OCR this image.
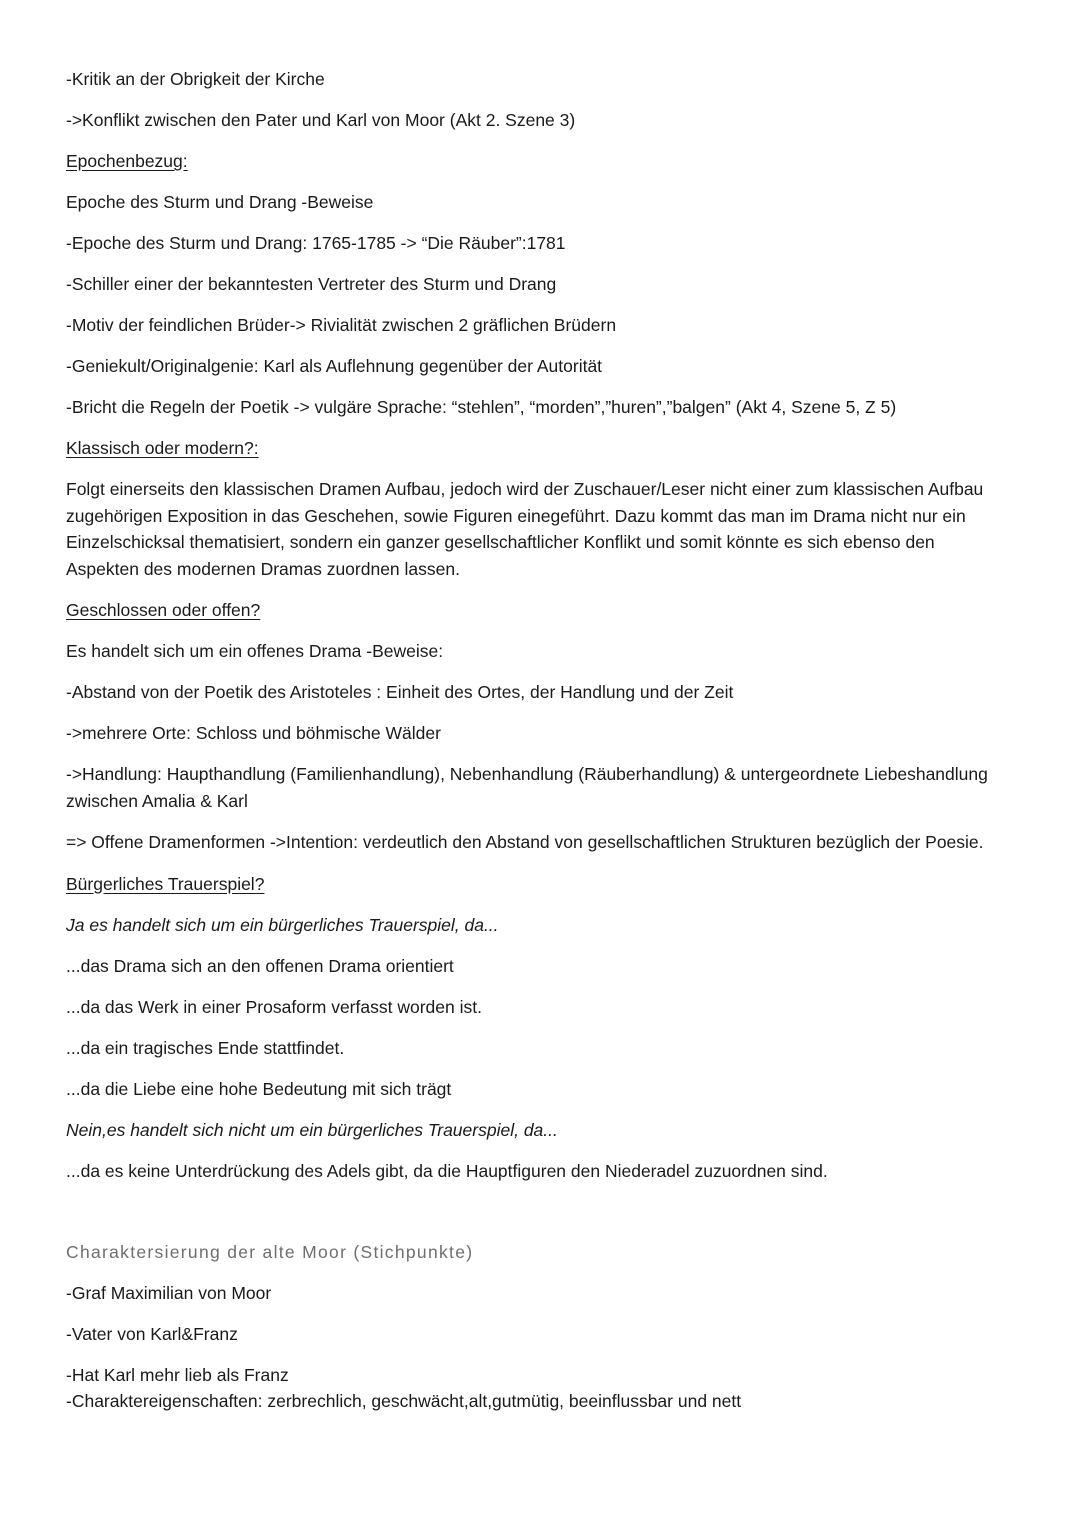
-Kritik an der Obrigkeit der Kirche

->Konflikt zwischen den Pater und Karl von Moor (Akt 2. Szene 3)

Epochenbezug:

Epoche des Sturm und Drang -Beweise

-Epoche des Sturm und Drang: 1765-1785 -> “Die Räuber”:1781

-Schiller einer der bekanntesten Vertreter des Sturm und Drang

-Motiv der feindlichen Brüder-> Rivialität zwischen 2 gräflichen Brüdern

-Geniekult/Originalgenie: Karl als Auflehnung gegenüber der Autorität

-Bricht die Regeln der Poetik -> vulgäre Sprache: “stehlen”, “morden”,”huren”,”balgen” (Akt 4, Szene 5, Z 5)

Klassisch oder modern?:

Folgt einerseits den klassischen Dramen Aufbau, jedoch wird der Zuschauer/Leser nicht einer zum klassischen Aufbau zugehörigen Exposition in das Geschehen, sowie Figuren einegeführt. Dazu kommt das man im Drama nicht nur ein Einzelschicksal thematisiert, sondern ein ganzer gesellschaftlicher Konflikt und somit könnte es sich ebenso den Aspekten des modernen Dramas zuordnen lassen.

Geschlossen oder offen?

Es handelt sich um ein offenes Drama -Beweise:

-Abstand von der Poetik des Aristoteles : Einheit des Ortes, der Handlung und der Zeit

->mehrere Orte: Schloss und böhmische Wälder

->Handlung: Haupthandlung (Familienhandlung), Nebenhandlung (Räuberhandlung) & untergeordnete Liebeshandlung zwischen Amalia & Karl

=> Offene Dramenformen ->Intention: verdeutlich den Abstand von gesellschaftlichen Strukturen bezüglich der Poesie.

Bürgerliches Trauerspiel?

Ja es handelt sich um ein bürgerliches Trauerspiel, da...

...das Drama sich an den offenen Drama orientiert

...da das Werk in einer Prosaform verfasst worden ist.

...da ein tragisches Ende stattfindet.

...da die Liebe eine hohe Bedeutung mit sich trägt

Nein,es handelt sich nicht um ein bürgerliches Trauerspiel, da...

...da es keine Unterdrückung des Adels gibt, da die Hauptfiguren den Niederadel zuzuordnen sind.

Charaktersierung der alte Moor (Stichpunkte)

-Graf Maximilian von Moor

-Vater von Karl&Franz

-Hat Karl mehr lieb als Franz

-Charaktereigenschaften: zerbrechlich, geschwächt,alt,gutmütig, beeinflussbar und nett
